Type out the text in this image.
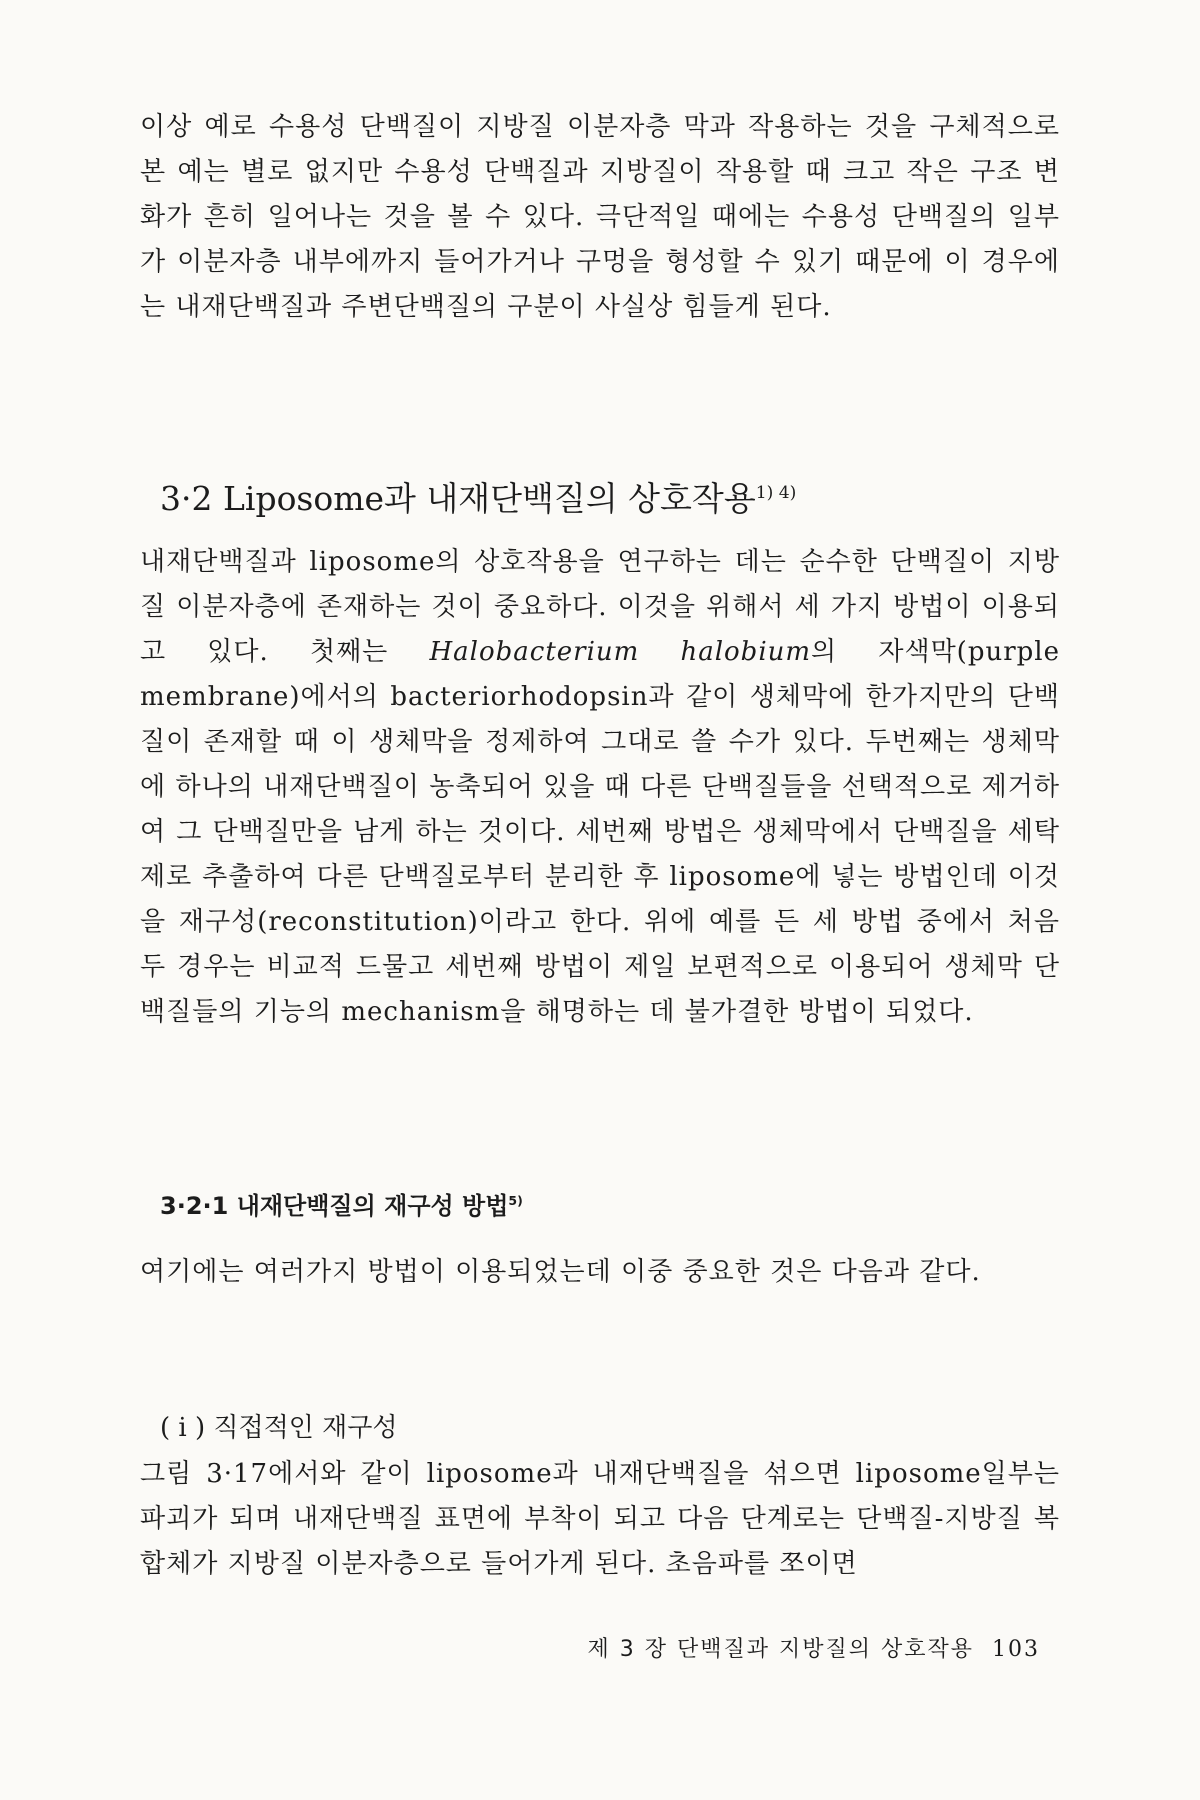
이상 예로 수용성 단백질이 지방질 이분자층 막과 작용하는 것을 구체적으로 본 예는 별로 없지만 수용성 단백질과 지방질이 작용할 때 크고 작은 구조 변화가 흔히 일어나는 것을 볼 수 있다. 극단적일 때에는 수용성 단백질의 일부가 이분자층 내부에까지 들어가거나 구멍을 형성할 수 있기 때문에 이 경우에는 내재단백질과 주변단백질의 구분이 사실상 힘들게 된다.

3·2 Liposome과 내재단백질의 상호작용$^{1) 4)}$

내재단백질과 liposome의 상호작용을 연구하는 데는 순수한 단백질이 지방질 이분자층에 존재하는 것이 중요하다. 이것을 위해서 세 가지 방법이 이용되고 있다. 첫째는 Halobacterium halobium의 자색막(purple membrane)에서의 bacteriorhodopsin과 같이 생체막에 한가지만의 단백질이 존재할 때 이 생체막을 정제하여 그대로 쓸 수가 있다. 두번째는 생체막에 하나의 내재단백질이 농축되어 있을 때 다른 단백질들을 선택적으로 제거하여 그 단백질만을 남게 하는 것이다. 세번째 방법은 생체막에서 단백질을 세탁제로 추출하여 다른 단백질로부터 분리한 후 liposome에 넣는 방법인데 이것을 재구성(reconstitution)이라고 한다. 위에 예를 든 세 방법 중에서 처음 두 경우는 비교적 드물고 세번째 방법이 제일 보편적으로 이용되어 생체막 단백질들의 기능의 mechanism을 해명하는 데 불가결한 방법이 되었다.

3·2·1 내재단백질의 재구성 방법$^{5)}$

여기에는 여러가지 방법이 이용되었는데 이중 중요한 것은 다음과 같다.

( i ) 직접적인 재구성

그림 3·17에서와 같이 liposome과 내재단백질을 섞으면 liposome일부는 파괴가 되며 내재단백질 표면에 부착이 되고 다음 단계로는 단백질-지방질 복합체가 지방질 이분자층으로 들어가게 된다. 초음파를 쪼이면

제 3 장 단백질과 지방질의 상호작용 103
